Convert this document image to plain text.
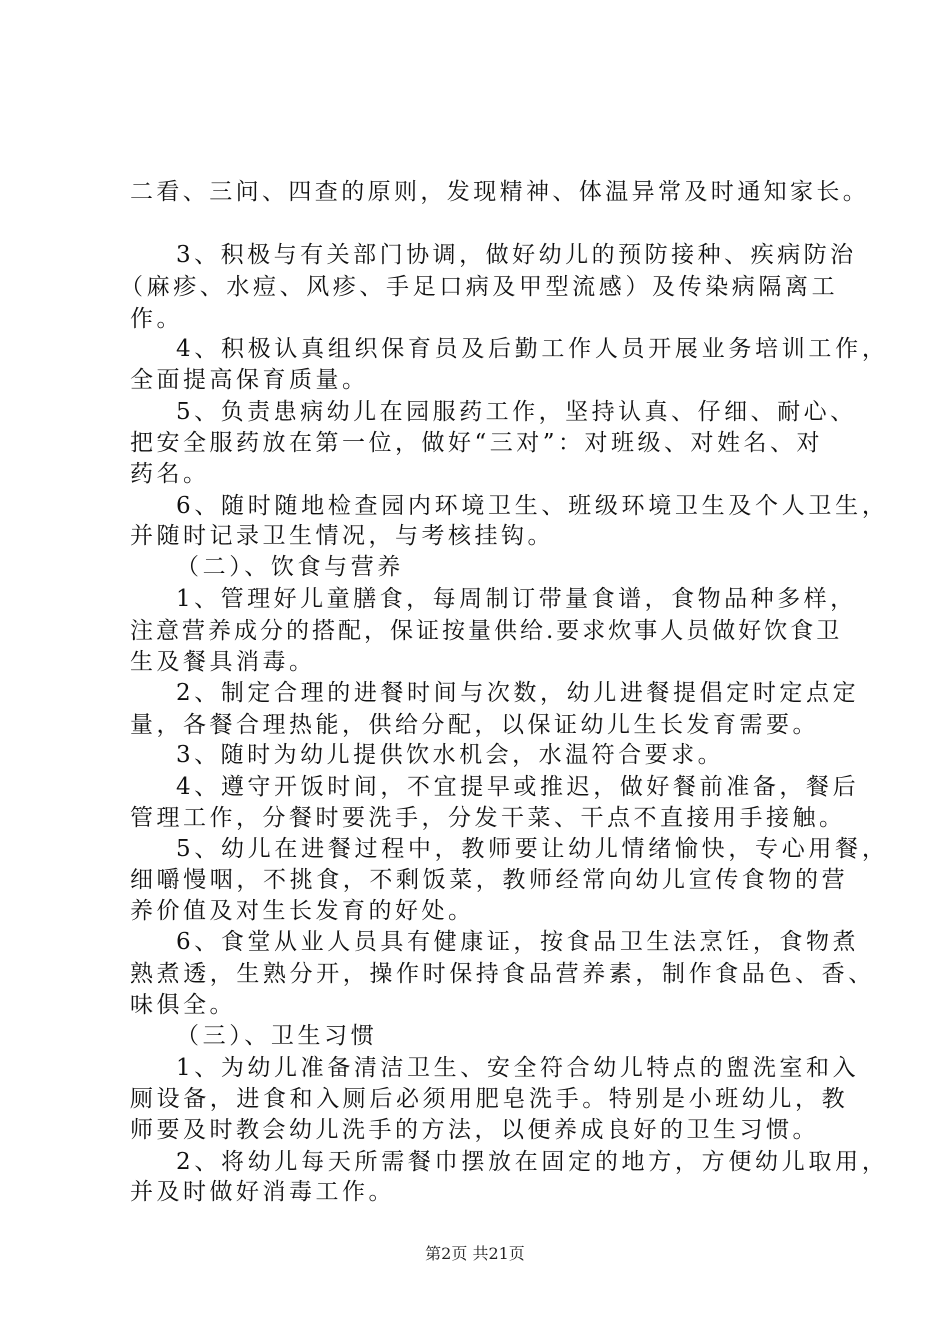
二看、三问、四查的原则，发现精神、体温异常及时通知家长。

3、积极与有关部门协调，做好幼儿的预防接种、疾病防治

（麻疹、水痘、风疹、手足口病及甲型流感）及传染病隔离工

作。

4、积极认真组织保育员及后勤工作人员开展业务培训工作，

全面提高保育质量。

5、负责患病幼儿在园服药工作，坚持认真、仔细、耐心、

把安全服药放在第一位，做好“三对”：对班级、对姓名、对

药名。

6、随时随地检查园内环境卫生、班级环境卫生及个人卫生，

并随时记录卫生情况，与考核挂钩。

（二）、饮食与营养

1、管理好儿童膳食，每周制订带量食谱，食物品种多样，

注意营养成分的搭配，保证按量供给.要求炊事人员做好饮食卫

生及餐具消毒。

2、制定合理的进餐时间与次数，幼儿进餐提倡定时定点定

量，各餐合理热能，供给分配，以保证幼儿生长发育需要。

3、随时为幼儿提供饮水机会，水温符合要求。

4、遵守开饭时间，不宜提早或推迟，做好餐前准备，餐后

管理工作，分餐时要洗手，分发干菜、干点不直接用手接触。

5、幼儿在进餐过程中，教师要让幼儿情绪愉快，专心用餐，

细嚼慢咽，不挑食，不剩饭菜，教师经常向幼儿宣传食物的营

养价值及对生长发育的好处。

6、食堂从业人员具有健康证，按食品卫生法烹饪，食物煮

熟煮透，生熟分开，操作时保持食品营养素，制作食品色、香、

味俱全。

（三）、卫生习惯

1、为幼儿准备清洁卫生、安全符合幼儿特点的盥洗室和入

厕设备，进食和入厕后必须用肥皂洗手。特别是小班幼儿，教

师要及时教会幼儿洗手的方法，以便养成良好的卫生习惯。

2、将幼儿每天所需餐巾摆放在固定的地方，方便幼儿取用，

并及时做好消毒工作。

第2页 共21页
